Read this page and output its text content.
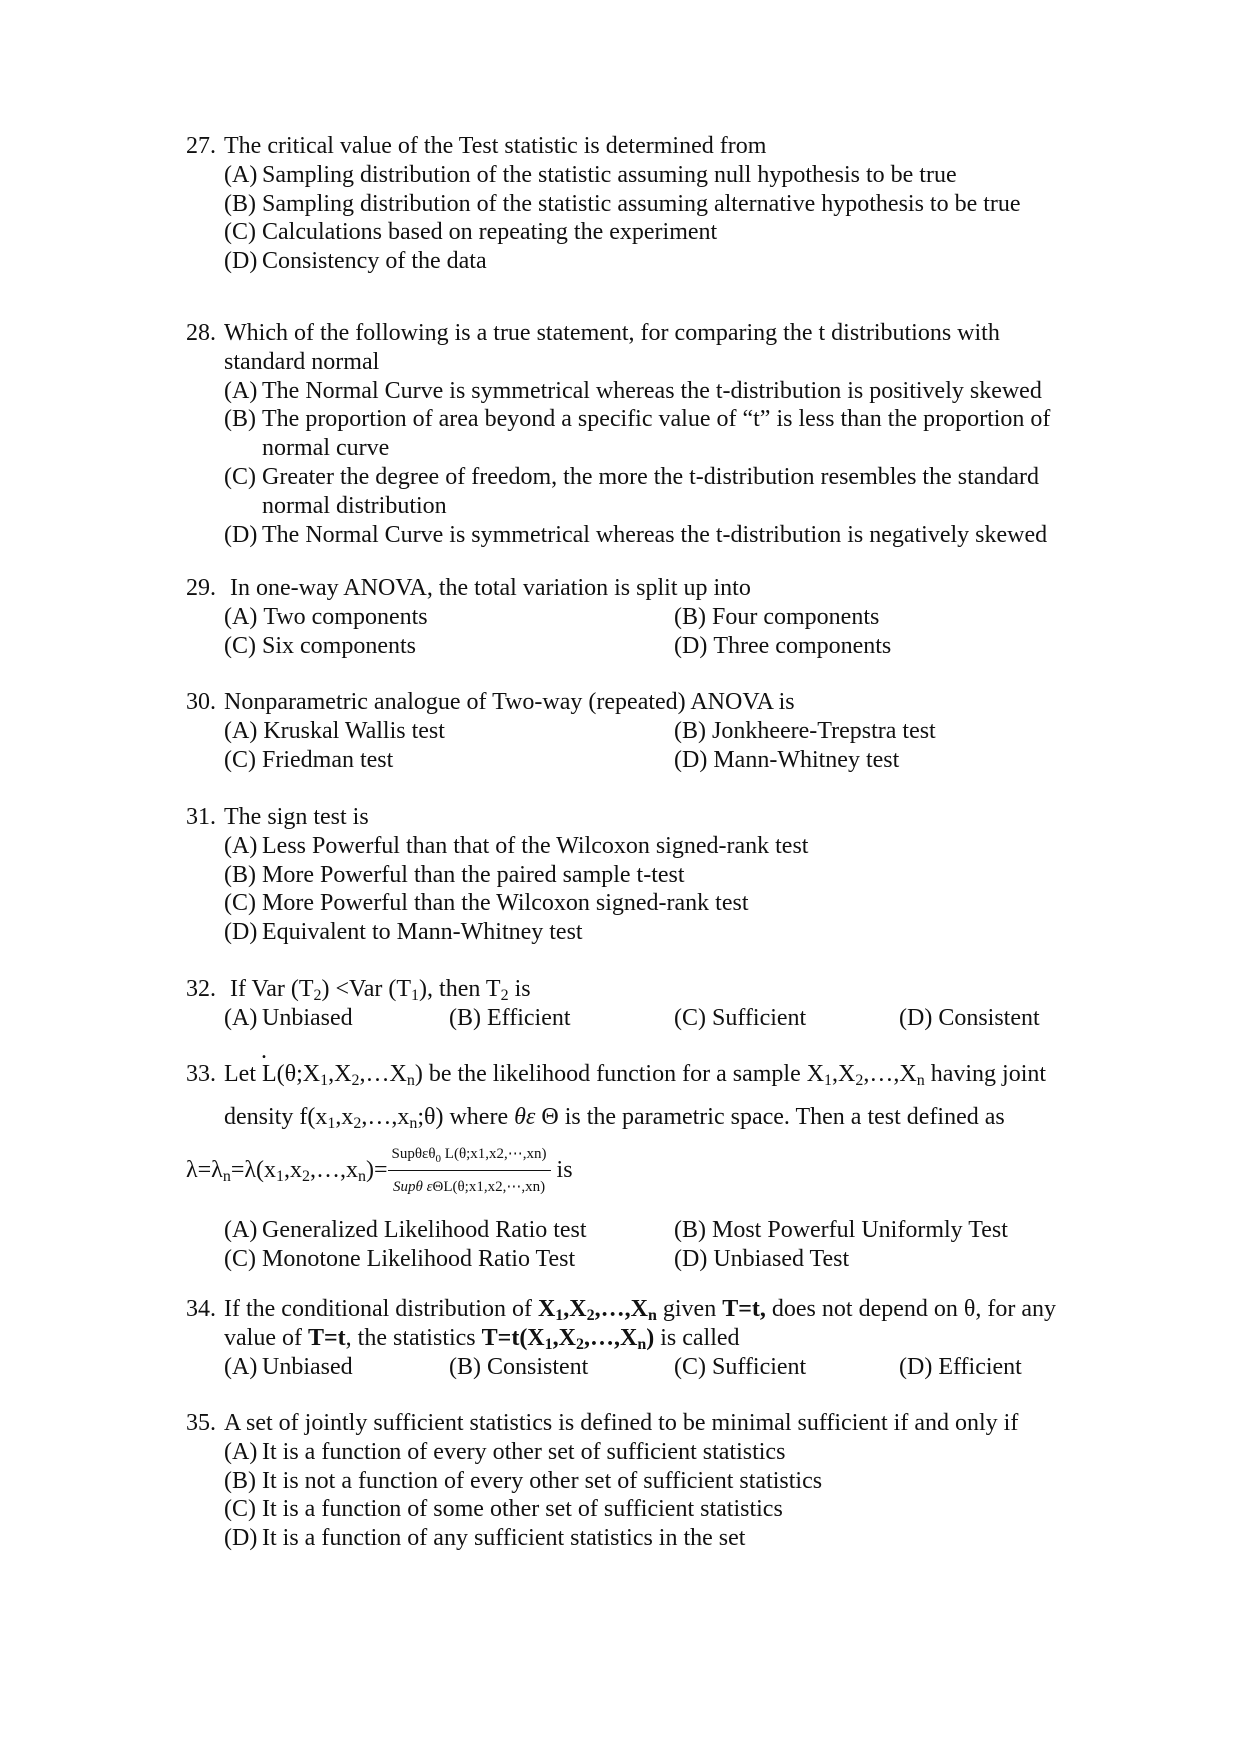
27. The critical value of the Test statistic is determined from
(A) Sampling distribution of the statistic assuming null hypothesis to be true
(B) Sampling distribution of the statistic assuming alternative hypothesis to be true
(C) Calculations based on repeating the experiment
(D) Consistency of the data
28. Which of the following is a true statement, for comparing the t distributions with standard normal
(A) The Normal Curve is symmetrical whereas the t-distribution is positively skewed
(B) The proportion of area beyond a specific value of “t” is less than the proportion of normal curve
(C) Greater the degree of freedom, the more the t-distribution resembles the standard normal distribution
(D) The Normal Curve is symmetrical whereas the t-distribution is negatively skewed
29. In one-way ANOVA, the total variation is split up into
(A) Two components	(B) Four components
(C) Six components	(D) Three components
30. Nonparametric analogue of Two-way (repeated) ANOVA is
(A) Kruskal Wallis test	(B) Jonkheere-Trepstra test
(C) Friedman test	(D) Mann-Whitney test
31. The sign test is
(A) Less Powerful than that of the Wilcoxon signed-rank test
(B) More Powerful than the paired sample t-test
(C) More Powerful than the Wilcoxon signed-rank test
(D) Equivalent to Mann-Whitney test
32. If Var $(T_2) <Var$ $(T_1)$, then $T_2$ is
(A) Unbiased	(B) Efficient	(C) Sufficient	(D) Consistent
.
33. Let $L(\theta;X_1,X_2,\dots X_n)$ be the likelihood function for a sample $X_1,X_2,\dots,X_n$ having joint
density $f(x_1,x_2,\dots,x_n;\theta)$ where θε Θ is the parametric space. Then a test defined as
$\lambda=\lambda_n=\lambda(x_1,x_2,\dots,x_n)= \frac{Sup\theta\varepsilon\theta_0 L(\theta;x1,x2,\cdots,xn)}{\text{Supθ εΘL(θ;x1,x2,⋯,xn)}}$ is
(A) Generalized Likelihood Ratio test	(B) Most Powerful Uniformly Test
(C) Monotone Likelihood Ratio Test	(D) Unbiased Test
34. If the conditional distribution of $X_1,X_2,\dots,X_n$ given T=t, does not depend on θ, for any value of T=t, the statistics $T=t(X_1,X_2,\dots,X_n)$ is called
(A) Unbiased	(B) Consistent	(C) Sufficient	(D) Efficient
35. A set of jointly sufficient statistics is defined to be minimal sufficient if and only if
(A) It is a function of every other set of sufficient statistics
(B) It is not a function of every other set of sufficient statistics
(C) It is a function of some other set of sufficient statistics
(D) It is a function of any sufficient statistics in the set
